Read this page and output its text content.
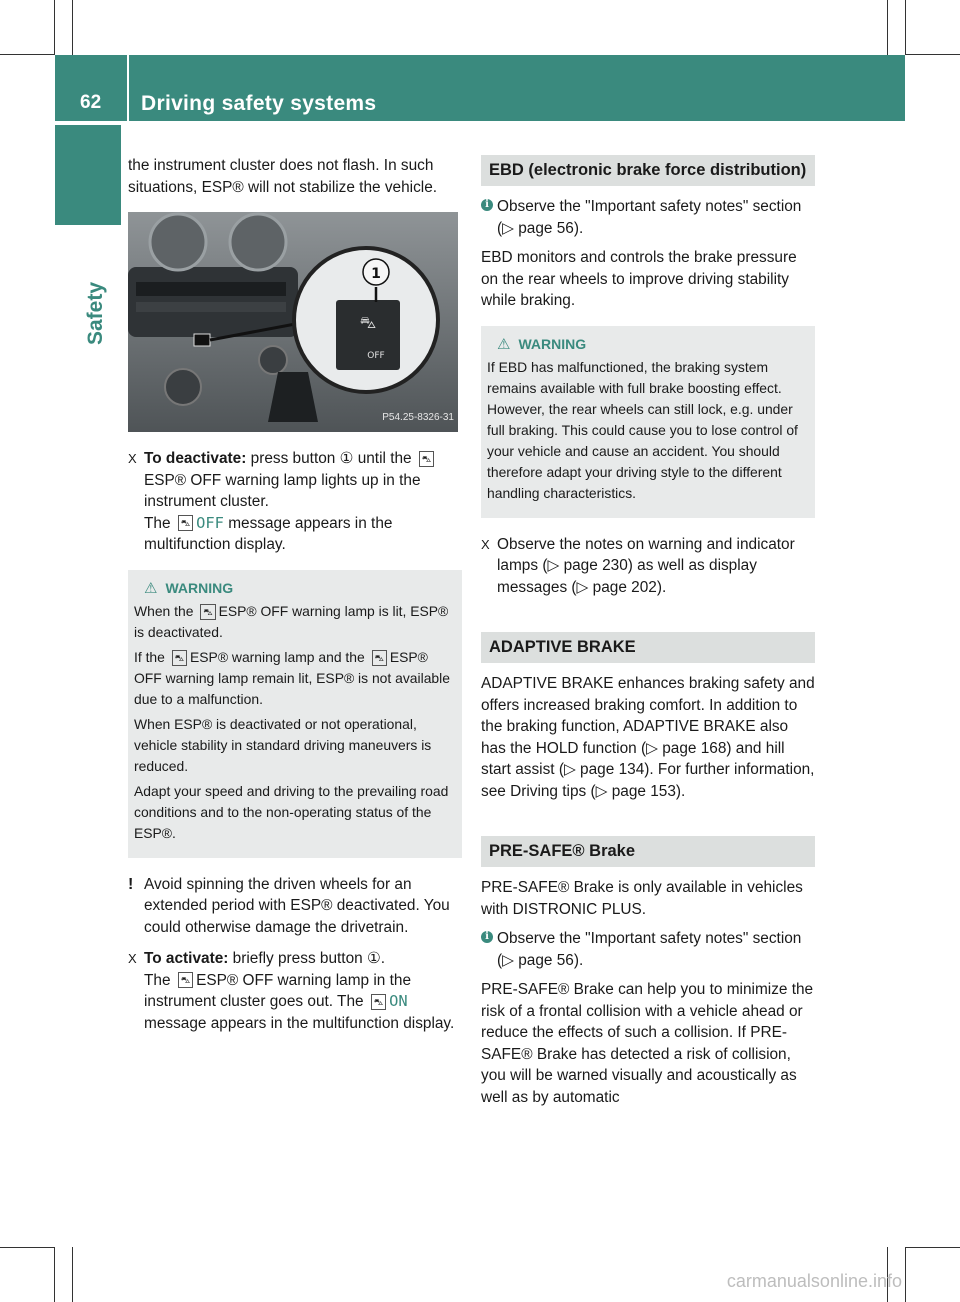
62 Driving safety systems
Safety
the instrument cluster does not flash. In such situations, ESP® will not stabilize the vehicle.
⛍
OFF
1
P54.25-8326-31
X To deactivate: press button ① until the ⛍ESP® OFF warning lamp lights up in the instrument cluster.
The ⛍ OFF message appears in the multifunction display.
⚠ WARNING
When the ⛍ ESP® OFF warning lamp is lit, ESP® is deactivated.
If the ⛍ ESP® warning lamp and the ⛍ ESP® OFF warning lamp remain lit, ESP® is not available due to a malfunction.
When ESP® is deactivated or not operational, vehicle stability in standard driving maneuvers is reduced.
Adapt your speed and driving to the prevailing road conditions and to the non-operating status of the ESP®.
! Avoid spinning the driven wheels for an extended period with ESP® deactivated. You could otherwise damage the drivetrain.
X To activate: briefly press button ①.
The ⛍ ESP® OFF warning lamp in the instrument cluster goes out. The ⛍ ON message appears in the multifunction display.
EBD (electronic brake force distribution)
i Observe the "Important safety notes" section (▷ page 56).
EBD monitors and controls the brake pressure on the rear wheels to improve driving stability while braking.
⚠ WARNING
If EBD has malfunctioned, the braking system remains available with full brake boosting effect. However, the rear wheels can still lock, e.g. under full braking. This could cause you to lose control of your vehicle and cause an accident. You should therefore adapt your driving style to the different handling characteristics.
X Observe the notes on warning and indicator lamps (▷ page 230) as well as display messages (▷ page 202).
ADAPTIVE BRAKE
ADAPTIVE BRAKE enhances braking safety and offers increased braking comfort. In addition to the braking function, ADAPTIVE BRAKE also has the HOLD function (▷ page 168) and hill start assist (▷ page 134). For further information, see Driving tips (▷ page 153).
PRE-SAFE® Brake
PRE-SAFE® Brake is only available in vehicles with DISTRONIC PLUS.
i Observe the "Important safety notes" section (▷ page 56).
PRE-SAFE® Brake can help you to minimize the risk of a frontal collision with a vehicle ahead or reduce the effects of such a collision. If PRE-SAFE® Brake has detected a risk of collision, you will be warned visually and acoustically as well as by automatic
carmanualsonline.info
